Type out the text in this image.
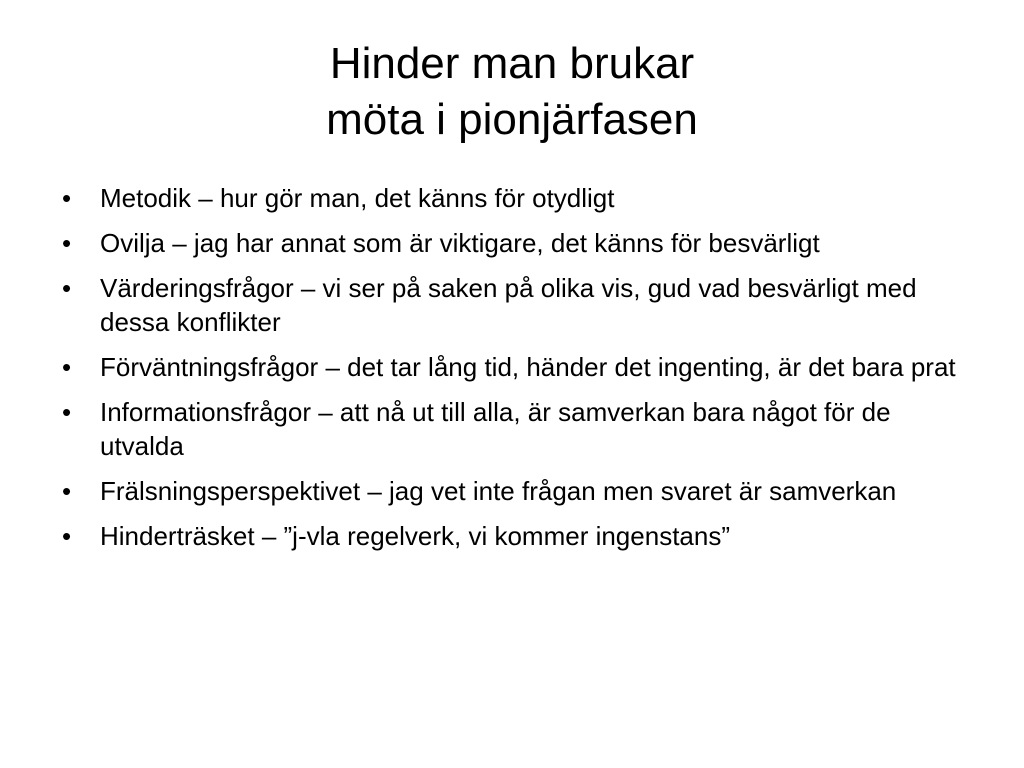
Hinder man brukar
möta i pionjärfasen
•	Metodik – hur gör man, det känns för otydligt
•	Ovilja – jag har annat som är viktigare, det känns för besvärligt
•	Värderingsfrågor – vi ser på saken på olika vis, gud vad besvärligt med dessa konflikter
•	Förväntningsfrågor – det tar lång tid, händer det ingenting, är det bara prat
•	Informationsfrågor – att nå ut till alla, är samverkan bara något för de utvalda
•	Frälsningsperspektivet – jag vet inte frågan men svaret är samverkan
•	Hinderträsket – ”j-vla regelverk, vi kommer ingenstans”
